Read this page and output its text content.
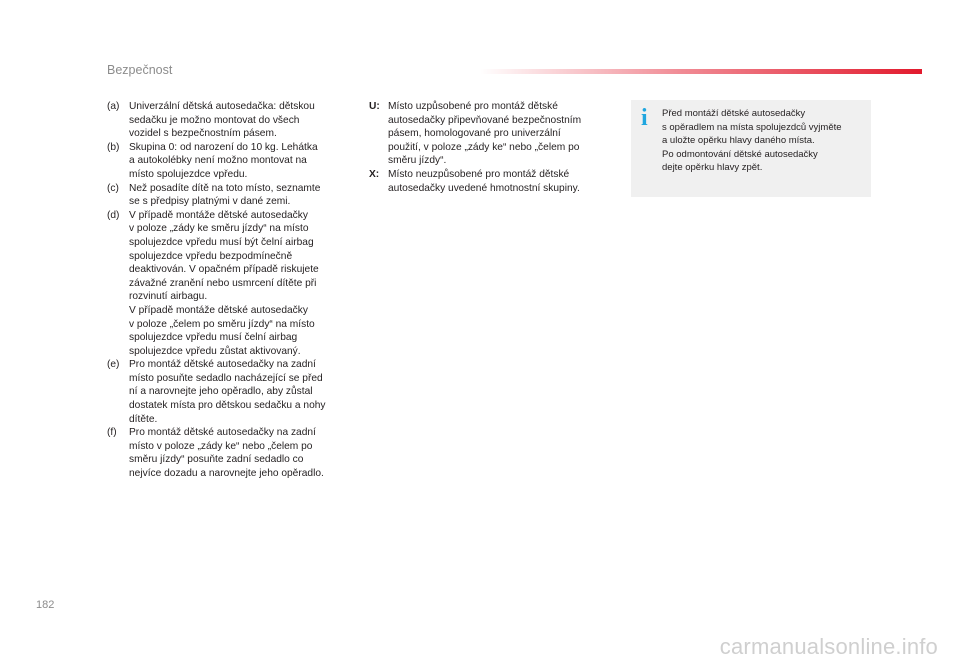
Bezpečnost
(a) Univerzální dětská autosedačka: dětskou
sedačku je možno montovat do všech
vozidel s bezpečnostním pásem.
(b) Skupina 0: od narození do 10 kg. Lehátka
a autokolébky není možno montovat na
místo spolujezdce vpředu.
(c) Než posadíte dítě na toto místo, seznamte
se s předpisy platnými v dané zemi.
(d) V případě montáže dětské autosedačky
v poloze „zády ke směru jízdy“ na místo
spolujezdce vpředu musí být čelní airbag
spolujezdce vpředu bezpodmínečně
deaktivován. V opačném případě riskujete
závažné zranění nebo usmrcení dítěte při
rozvinutí airbagu.
V případě montáže dětské autosedačky
v poloze „čelem po směru jízdy“ na místo
spolujezdce vpředu musí čelní airbag
spolujezdce vpředu zůstat aktivovaný.
(e) Pro montáž dětské autosedačky na zadní
místo posuňte sedadlo nacházející se před
ní a narovnejte jeho opěradlo, aby zůstal
dostatek místa pro dětskou sedačku a nohy
dítěte.
(f)	Pro montáž dětské autosedačky na zadní
místo v poloze „zády ke“ nebo „čelem po
směru jízdy“ posuňte zadní sedadlo co
nejvíce dozadu a narovnejte jeho opěradlo.
U: Místo uzpůsobené pro montáž dětské
autosedačky připevňované bezpečnostním
pásem, homologované pro univerzální
použití, v poloze „zády ke“ nebo „čelem po
směru jízdy“.
X: Místo neuzpůsobené pro montáž dětské
autosedačky uvedené hmotnostní skupiny.
i Před montáží dětské autosedačky
s opěradlem na místa spolujezdců vyjměte
a uložte opěrku hlavy daného místa.
Po odmontování dětské autosedačky
dejte opěrku hlavy zpět.
182
carmanualsonline.info
